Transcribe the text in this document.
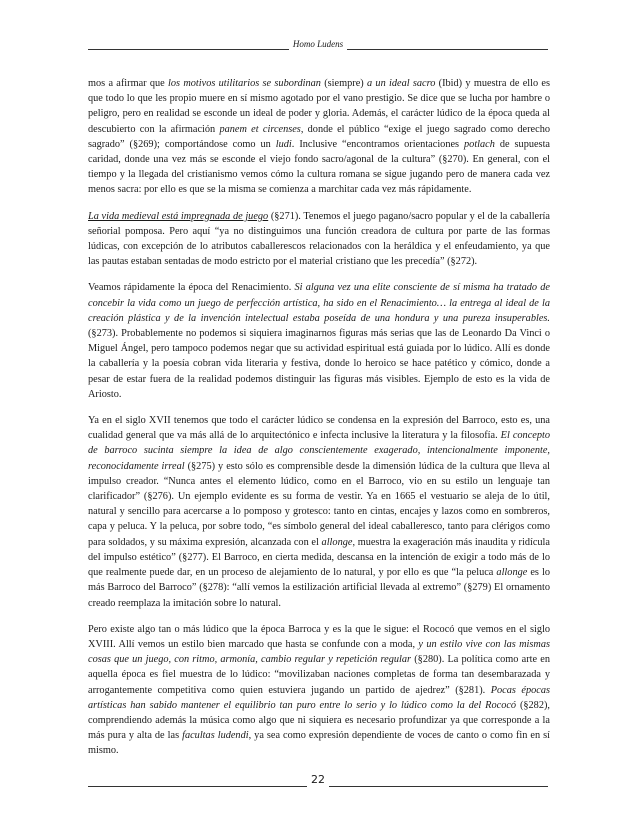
Homo Ludens

mos a afirmar que los motivos utilitarios se subordinan (siempre) a un ideal sacro (Ibid) y muestra de ello es que todo lo que les propio muere en sí mismo agotado por el vano prestigio. Se dice que se lucha por hambre o peligro, pero en realidad se esconde un ideal de poder y gloria. Además, el carácter lúdico de la época queda al descubierto con la afirmación panem et circenses, donde el público “exige el juego sagrado como derecho sagrado” (§269); comportándose como un ludi. Inclusive “encontramos orientaciones potlach de supuesta caridad, donde una vez más se esconde el viejo fondo sacro/agonal de la cultura” (§270). En general, con el tiempo y la llegada del cristianismo vemos cómo la cultura romana se sigue jugando pero de manera cada vez menos sacra: por ello es que se la misma se comienza a marchitar cada vez más rápidamente.

La vida medieval está impregnada de juego (§271). Tenemos el juego pagano/sacro popular y el de la caballería señorial pomposa. Pero aquí “ya no distinguimos una función creadora de cultura por parte de las formas lúdicas, con excepción de lo atributos caballerescos relacionados con la heráldica y el enfeudamiento, ya que las pautas estaban sentadas de modo estricto por el material cristiano que les precedía” (§272).

Veamos rápidamente la época del Renacimiento. Si alguna vez una elite consciente de sí misma ha tratado de concebir la vida como un juego de perfección artística, ha sido en el Renacimiento… la entrega al ideal de la creación plástica y de la invención intelectual estaba poseída de una hondura y una pureza insuperables. (§273). Probablemente no podemos si siquiera imaginarnos figuras más serias que las de Leonardo Da Vinci o Miguel Ángel, pero tampoco podemos negar que su actividad espiritual está guiada por lo lúdico. Allí es donde la caballería y la poesía cobran vida literaria y festiva, donde lo heroico se hace patético y cómico, donde a pesar de estar fuera de la realidad podemos distinguir las figuras más visibles. Ejemplo de esto es la vida de Ariosto.

Ya en el siglo XVII tenemos que todo el carácter lúdico se condensa en la expresión del Barroco, esto es, una cualidad general que va más allá de lo arquitectónico e infecta inclusive la literatura y la filosofía. El concepto de barroco sucinta siempre la idea de algo conscientemente exagerado, intencionalmente imponente, reconocidamente irreal (§275) y esto sólo es comprensible desde la dimensión lúdica de la cultura que lleva al impulso creador. “Nunca antes el elemento lúdico, como en el Barroco, vio en su estilo un lenguaje tan clarificador” (§276). Un ejemplo evidente es su forma de vestir. Ya en 1665 el vestuario se aleja de lo útil, natural y sencillo para acercarse a lo pomposo y grotesco: tanto en cintas, encajes y lazos como en sombreros, capa y peluca. Y la peluca, por sobre todo, “es símbolo general del ideal caballeresco, tanto para clérigos como para soldados, y su máxima expresión, alcanzada con el allonge, muestra la exageración más inaudita y ridícula del impulso estético” (§277). El Barroco, en cierta medida, descansa en la intención de exigir a todo más de lo que realmente puede dar, en un proceso de alejamiento de lo natural, y por ello es que “la peluca allonge es lo más Barroco del Barroco” (§278): “allí vemos la estilización artificial llevada al extremo” (§279) El ornamento creado reemplaza la imitación sobre lo natural.

Pero existe algo tan o más lúdico que la época Barroca y es la que le sigue: el Rococó que vemos en el siglo XVIII. Allí vemos un estilo bien marcado que hasta se confunde con a moda, y un estilo vive con las mismas cosas que un juego, con ritmo, armonía, cambio regular y repetición regular (§280). La política como arte en aquella época es fiel muestra de lo lúdico: “movilizaban naciones completas de forma tan desembarazada y arrogantemente competitiva como quien estuviera jugando un partido de ajedrez” (§281). Pocas épocas artísticas han sabido mantener el equilibrio tan puro entre lo serio y lo lúdico como la del Rococó (§282), comprendiendo además la música como algo que ni siquiera es necesario profundizar ya que corresponde a la más pura y alta de las facultas ludendi, ya sea como expresión dependiente de voces de canto o como fin en sí mismo.

22
